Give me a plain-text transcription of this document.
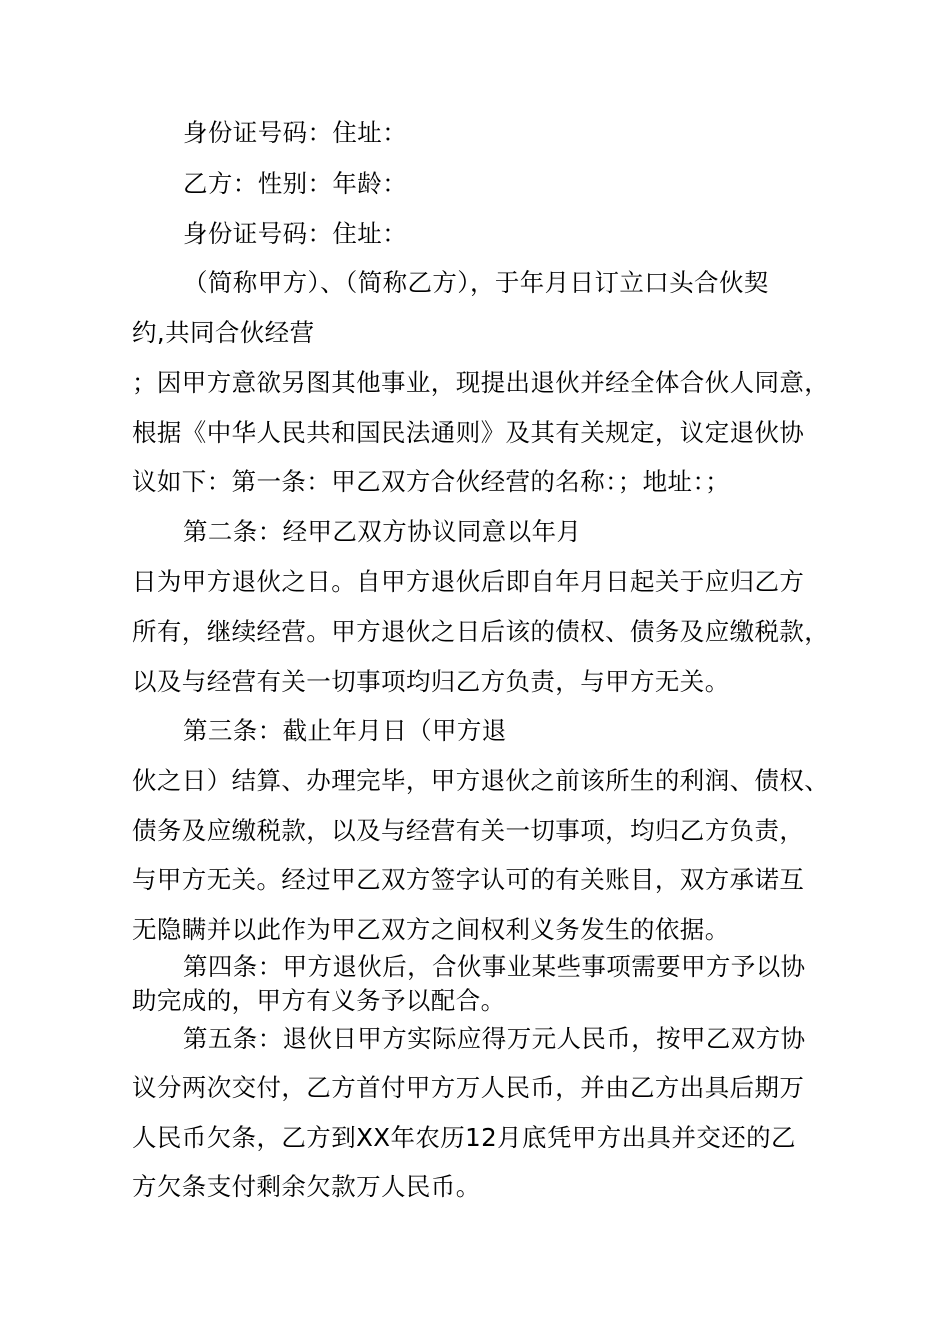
身份证号码：住址：
乙方：性别：年龄：
身份证号码：住址：
（简称甲方）、（简称乙方），于年月日订立口头合伙契
约,共同合伙经营
；因甲方意欲另图其他事业，现提出退伙并经全体合伙人同意，
根据《中华人民共和国民法通则》及其有关规定，议定退伙协
议如下：第一条：甲乙双方合伙经营的名称：；地址：；
第二条：经甲乙双方协议同意以年月
日为甲方退伙之日。自甲方退伙后即自年月日起关于应归乙方
所有，继续经营。甲方退伙之日后该的债权、债务及应缴税款，
以及与经营有关一切事项均归乙方负责，与甲方无关。
第三条：截止年月日（甲方退
伙之日）结算、办理完毕，甲方退伙之前该所生的利润、债权、
债务及应缴税款，以及与经营有关一切事项，均归乙方负责，
与甲方无关。经过甲乙双方签字认可的有关账目，双方承诺互
无隐瞒并以此作为甲乙双方之间权利义务发生的依据。
第四条：甲方退伙后，合伙事业某些事项需要甲方予以协
助完成的，甲方有义务予以配合。
第五条：退伙日甲方实际应得万元人民币，按甲乙双方协
议分两次交付，乙方首付甲方万人民币，并由乙方出具后期万
人民币欠条，乙方到XX年农历12月底凭甲方出具并交还的乙
方欠条支付剩余欠款万人民币。
